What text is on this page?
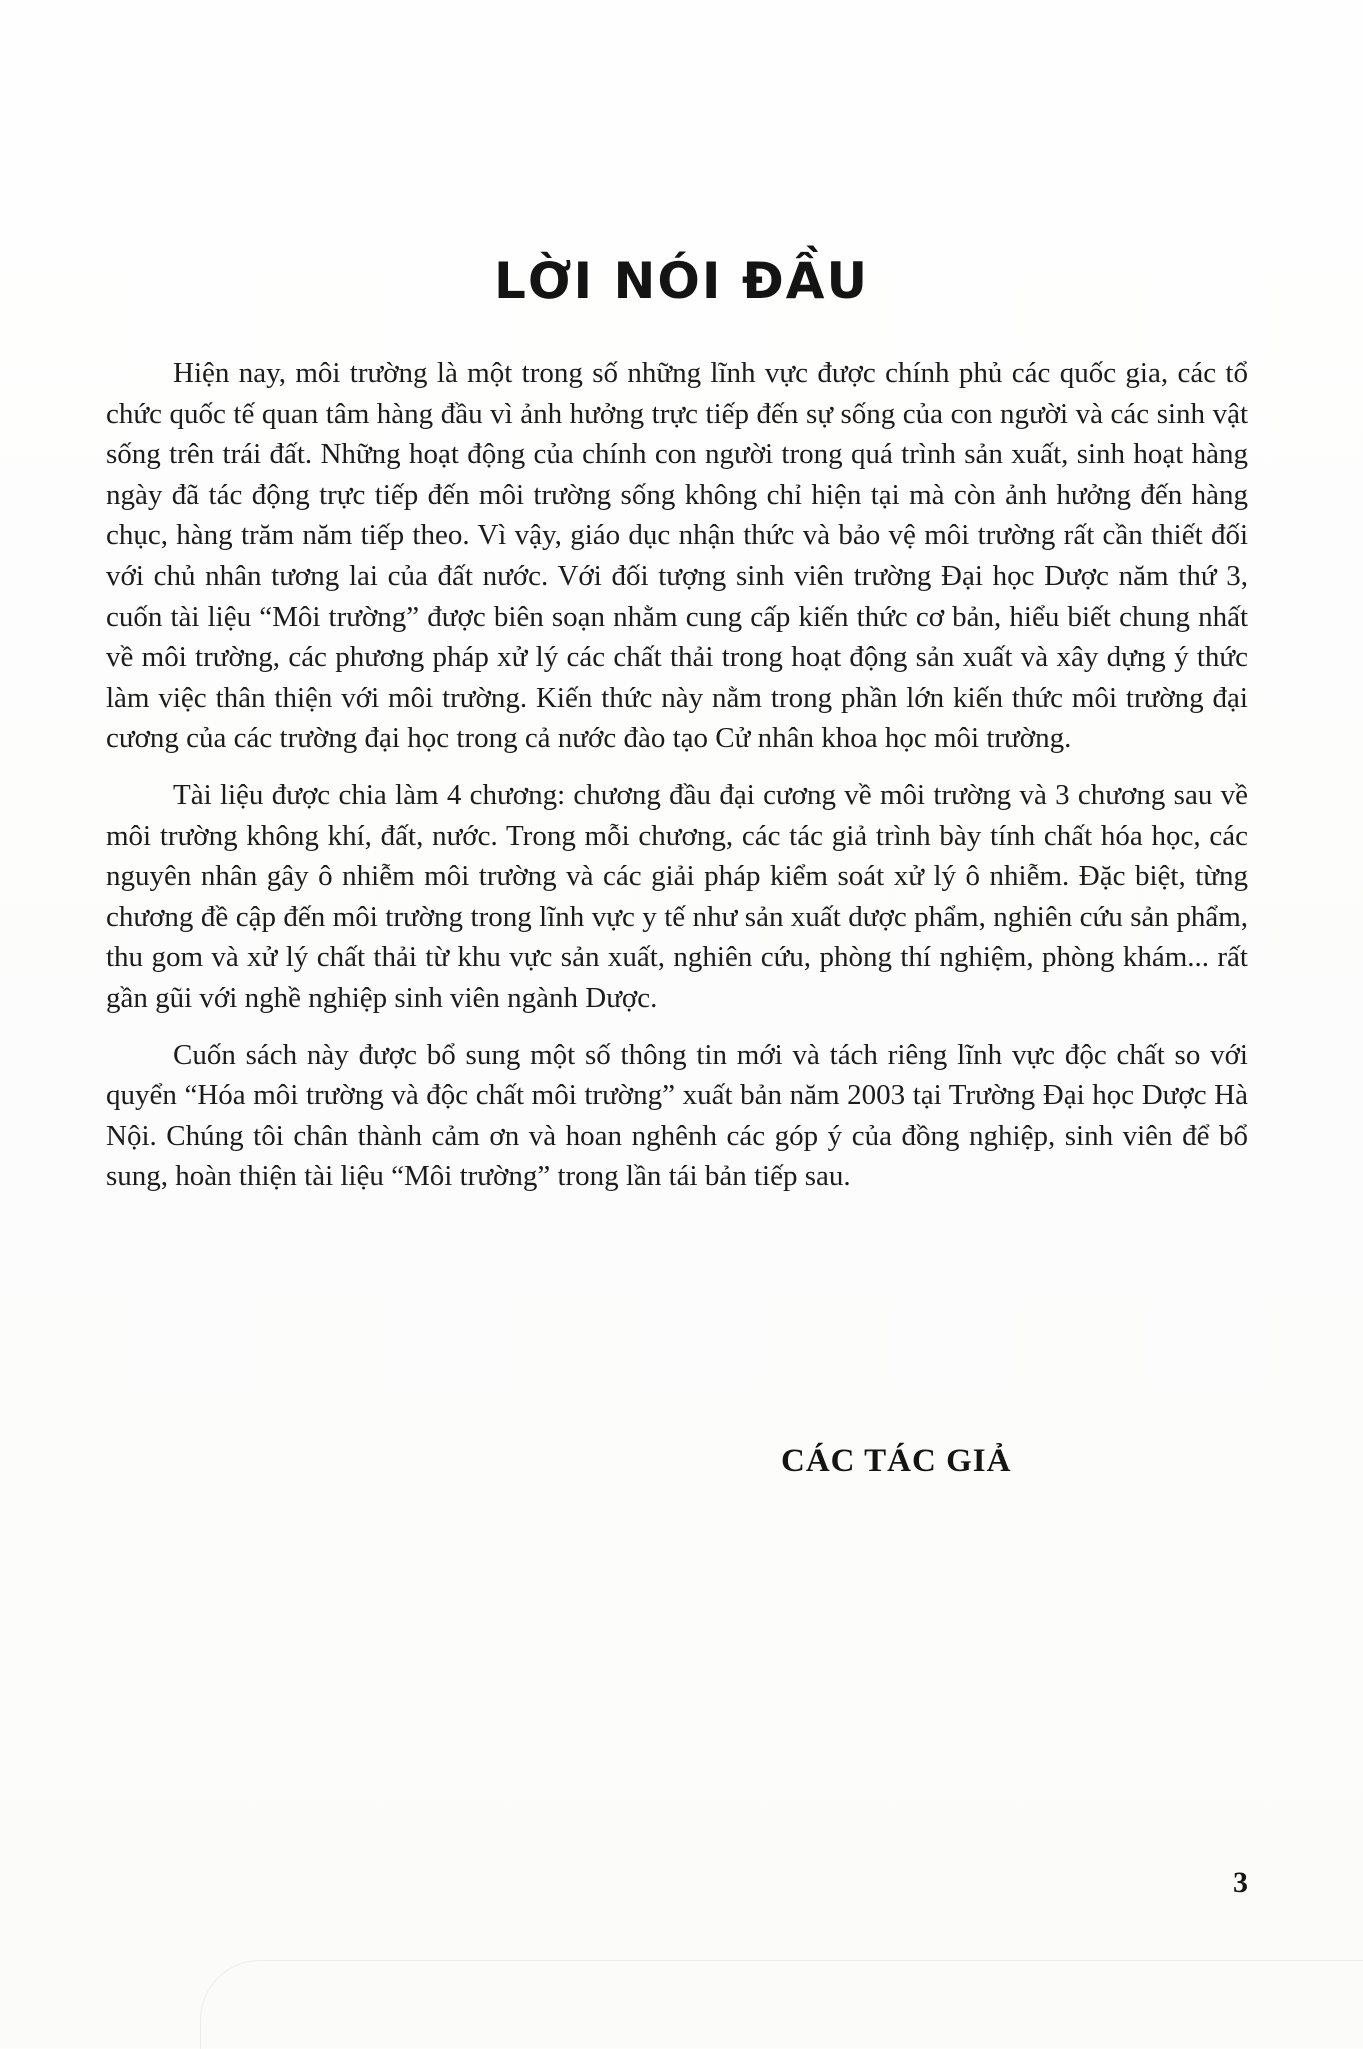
LỜI NÓI ĐẦU

Hiện nay, môi trường là một trong số những lĩnh vực được chính phủ các quốc gia, các tổ chức quốc tế quan tâm hàng đầu vì ảnh hưởng trực tiếp đến sự sống của con người và các sinh vật sống trên trái đất. Những hoạt động của chính con người trong quá trình sản xuất, sinh hoạt hàng ngày đã tác động trực tiếp đến môi trường sống không chỉ hiện tại mà còn ảnh hưởng đến hàng chục, hàng trăm năm tiếp theo. Vì vậy, giáo dục nhận thức và bảo vệ môi trường rất cần thiết đối với chủ nhân tương lai của đất nước. Với đối tượng sinh viên trường Đại học Dược năm thứ 3, cuốn tài liệu “Môi trường” được biên soạn nhằm cung cấp kiến thức cơ bản, hiểu biết chung nhất về môi trường, các phương pháp xử lý các chất thải trong hoạt động sản xuất và xây dựng ý thức làm việc thân thiện với môi trường. Kiến thức này nằm trong phần lớn kiến thức môi trường đại cương của các trường đại học trong cả nước đào tạo Cử nhân khoa học môi trường.

Tài liệu được chia làm 4 chương: chương đầu đại cương về môi trường và 3 chương sau về môi trường không khí, đất, nước. Trong mỗi chương, các tác giả trình bày tính chất hóa học, các nguyên nhân gây ô nhiễm môi trường và các giải pháp kiểm soát xử lý ô nhiễm. Đặc biệt, từng chương đề cập đến môi trường trong lĩnh vực y tế như sản xuất dược phẩm, nghiên cứu sản phẩm, thu gom và xử lý chất thải từ khu vực sản xuất, nghiên cứu, phòng thí nghiệm, phòng khám... rất gần gũi với nghề nghiệp sinh viên ngành Dược.

Cuốn sách này được bổ sung một số thông tin mới và tách riêng lĩnh vực độc chất so với quyển “Hóa môi trường và độc chất môi trường” xuất bản năm 2003 tại Trường Đại học Dược Hà Nội. Chúng tôi chân thành cảm ơn và hoan nghênh các góp ý của đồng nghiệp, sinh viên để bổ sung, hoàn thiện tài liệu “Môi trường” trong lần tái bản tiếp sau.

CÁC TÁC GIẢ

3
